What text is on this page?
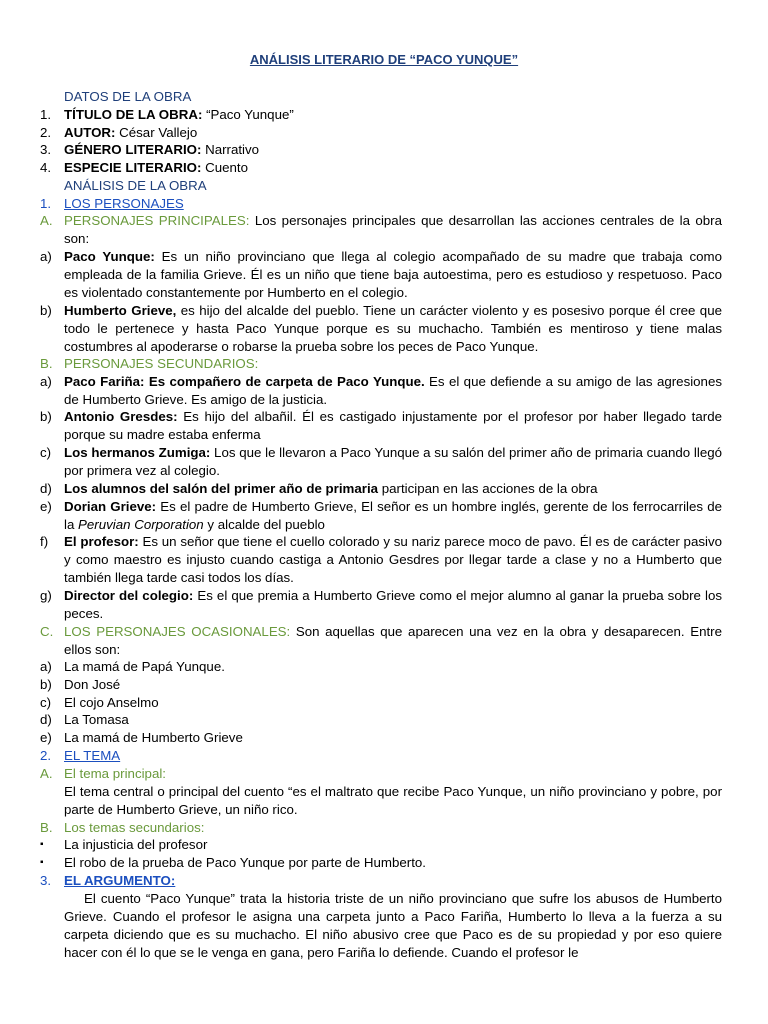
ANÁLISIS LITERARIO DE “PACO YUNQUE”
DATOS DE LA OBRA
1. TÍTULO DE LA OBRA: “Paco Yunque”
2. AUTOR: César Vallejo
3. GÉNERO LITERARIO: Narrativo
4. ESPECIE LITERARIO: Cuento
ANÁLISIS DE LA OBRA
1. LOS PERSONAJES
A. PERSONAJES PRINCIPALES: Los personajes principales que desarrollan las acciones centrales de la obra son:
a) Paco Yunque: Es un niño provinciano que llega al colegio acompañado de su madre que trabaja como empleada de la familia Grieve. Él es un niño que tiene baja autoestima, pero es estudioso y respetuoso. Paco es violentado constantemente por Humberto en el colegio.
b) Humberto Grieve, es hijo del alcalde del pueblo. Tiene un carácter violento y es posesivo porque él cree que todo le pertenece y hasta Paco Yunque porque es su muchacho. También es mentiroso y tiene malas costumbres al apoderarse o robarse la prueba sobre los peces de Paco Yunque.
B. PERSONAJES SECUNDARIOS:
a) Paco Fariña: Es compañero de carpeta de Paco Yunque. Es el que defiende a su amigo de las agresiones de Humberto Grieve. Es amigo de la justicia.
b) Antonio Gresdes: Es hijo del albañil. Él es castigado injustamente por el profesor por haber llegado tarde porque su madre estaba enferma
c) Los hermanos Zumiga: Los que le llevaron a Paco Yunque a su salón del primer año de primaria cuando llegó por primera vez al colegio.
d) Los alumnos del salón del primer año de primaria participan en las acciones de la obra
e) Dorian Grieve: Es el padre de Humberto Grieve, El señor es un hombre inglés, gerente de los ferrocarriles de la Peruvian Corporation y alcalde del pueblo
f)	El profesor: Es un señor que tiene el cuello colorado y su nariz parece moco de pavo. Él es de carácter pasivo y como maestro es injusto cuando castiga a Antonio Gesdres por llegar tarde a clase y no a Humberto que también llega tarde casi todos los días.
g) Director del colegio: Es el que premia a Humberto Grieve como el mejor alumno al ganar la prueba sobre los peces.
C. LOS PERSONAJES OCASIONALES: Son aquellas que aparecen una vez en la obra y desaparecen. Entre ellos son:
a) La mamá de Papá Yunque.
b) Don José
c) El cojo Anselmo
d) La Tomasa
e) La mamá de Humberto Grieve
2. EL TEMA
A. El tema principal:
El tema central o principal del cuento “es el maltrato que recibe Paco Yunque, un niño provinciano y pobre, por parte de Humberto Grieve, un niño rico.
B. Los temas secundarios:
▪	La injusticia del profesor
▪	El robo de la prueba de Paco Yunque por parte de Humberto.
3. EL ARGUMENTO:
El cuento “Paco Yunque” trata la historia triste de un niño provinciano que sufre los abusos de Humberto Grieve. Cuando el profesor le asigna una carpeta junto a Paco Fariña, Humberto lo lleva a la fuerza a su carpeta diciendo que es su muchacho. El niño abusivo cree que Paco es de su propiedad y por eso quiere hacer con él lo que se le venga en gana, pero Fariña lo defiende. Cuando el profesor le
